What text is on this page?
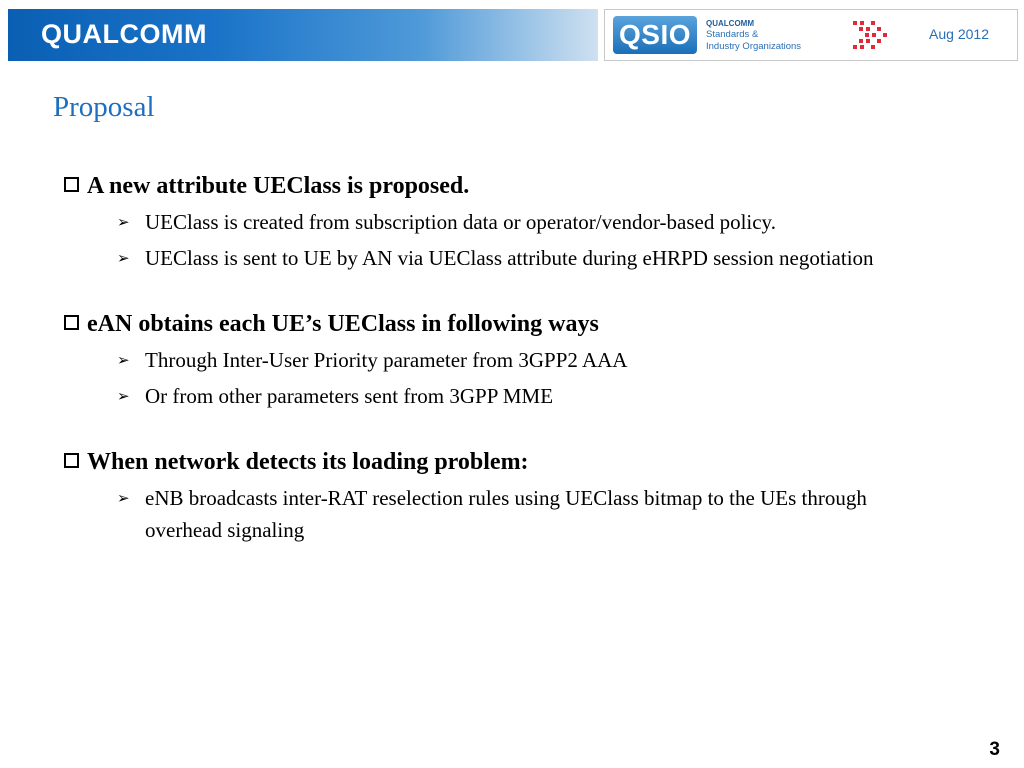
QUALCOMM	QSIO	QUALCOMM
Standards &
Industry Organizations
Aug 2012
Proposal
A new attribute UEClass is proposed.
➢ UEClass is created from subscription data or operator/vendor-based policy.
➢ UEClass is sent to UE by AN via UEClass attribute during eHRPD session negotiation
eAN obtains each UE’s UEClass in following ways
➢ Through Inter-User Priority parameter from 3GPP2 AAA
➢ Or from other parameters sent from 3GPP MME
When network detects its loading problem:
➢ eNB broadcasts inter-RAT reselection rules using UEClass bitmap to the UEs through overhead signaling
3
